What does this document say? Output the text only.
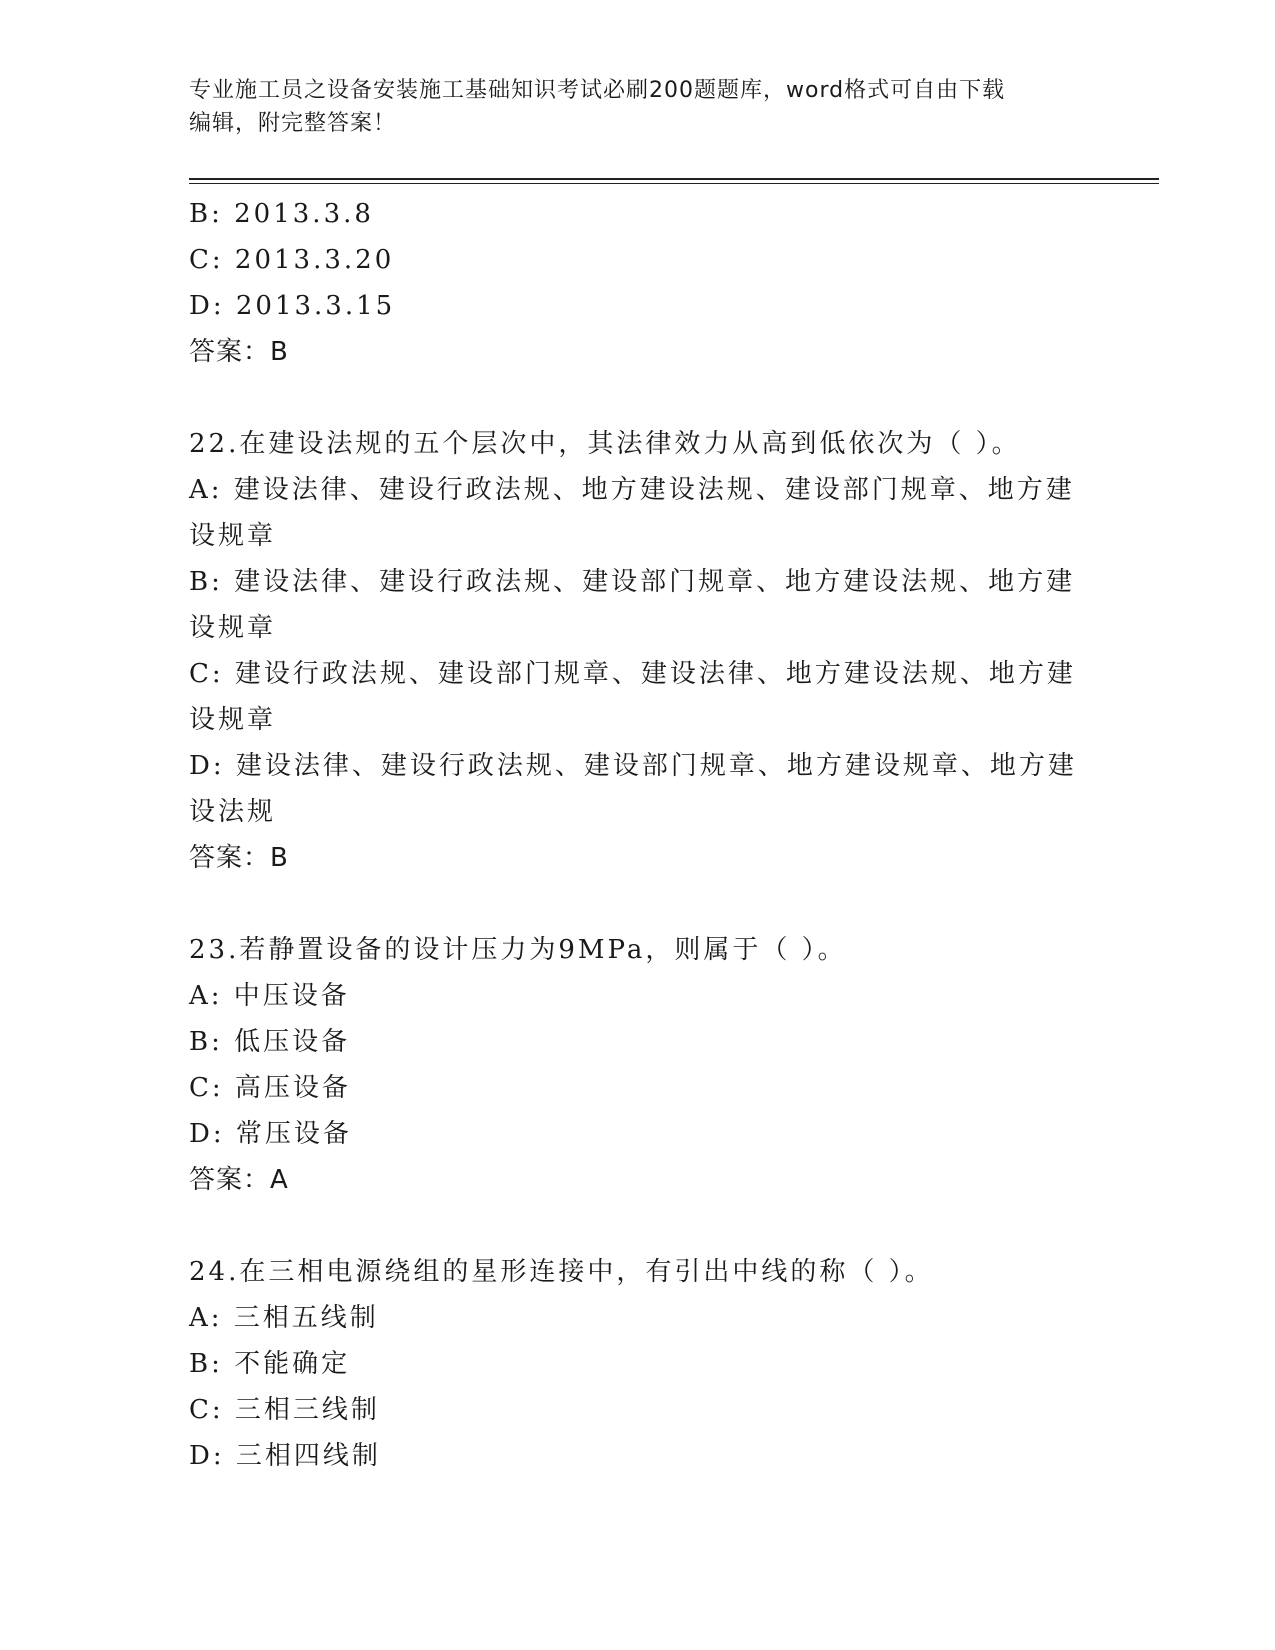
专业施工员之设备安装施工基础知识考试必刷200题题库，word格式可自由下载
编辑，附完整答案！
B: 2013.3.8
C: 2013.3.20
D: 2013.3.15
答案：B
22.在建设法规的五个层次中，其法律效力从高到低依次为（ ）。
A: 建设法律、建设行政法规、地方建设法规、建设部门规章、地方建
设规章
B: 建设法律、建设行政法规、建设部门规章、地方建设法规、地方建
设规章
C: 建设行政法规、建设部门规章、建设法律、地方建设法规、地方建
设规章
D: 建设法律、建设行政法规、建设部门规章、地方建设规章、地方建
设法规
答案：B
23.若静置设备的设计压力为9MPa，则属于（ ）。
A: 中压设备
B: 低压设备
C: 高压设备
D: 常压设备
答案：A
24.在三相电源绕组的星形连接中，有引出中线的称（ ）。
A: 三相五线制
B: 不能确定
C: 三相三线制
D: 三相四线制
